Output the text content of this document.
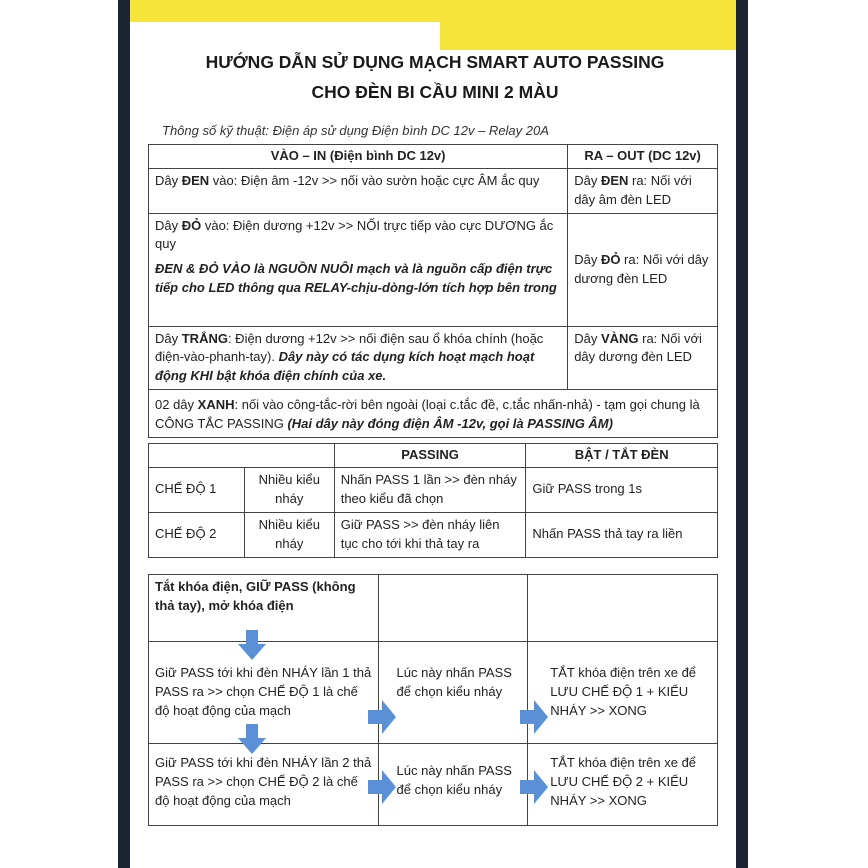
HƯỚNG DẪN SỬ DỤNG MẠCH SMART AUTO PASSING
CHO ĐÈN BI CẦU MINI 2 MÀU
Thông số kỹ thuật: Điện áp sử dụng Điện bình DC 12v – Relay 20A
VÀO – IN (Điện bình DC 12v)	RA – OUT (DC 12v)
Dây ĐEN vào: Điện âm -12v >> nối vào sườn hoặc cực ÂM ắc quy	Dây ĐEN ra: Nối với dây âm đèn LED

Dây ĐỎ vào: Điện dương +12v >> NỐI trực tiếp vào cực DƯƠNG ắc quy
ĐEN & ĐỎ VÀO là NGUỒN NUÔI mạch và là nguồn cấp điện trực tiếp cho LED thông qua RELAY-chịu-dòng-lớn tích hợp bên trong	Dây ĐỎ ra: Nối với dây dương đèn LED
Dây TRẮNG: Điện dương +12v >> nối điện sau ổ khóa chính (hoặc điện-vào-phanh-tay). Dây này có tác dụng kích hoạt mạch hoạt động KHI bật khóa điện chính của xe.	Dây VÀNG ra: Nối với dây dương đèn LED
02 dây XANH: nối vào công-tắc-rời bên ngoài (loại c.tắc đề, c.tắc nhấn-nhả) - tạm gọi chung là CÔNG TẮC PASSING (Hai dây này đóng điện ÂM -12v, gọi là PASSING ÂM)	
		PASSING	BẬT / TẮT ĐÈN
CHẾ ĐỘ 1	Nhiều kiểu nháy	Nhấn PASS 1 lần >> đèn nháy theo kiểu đã chọn	Giữ PASS trong 1s
CHẾ ĐỘ 2	Nhiều kiểu nháy	Giữ PASS >> đèn nháy liên tục cho tới khi thả tay ra	Nhấn PASS thả tay ra liền
Tắt khóa điện, GIỮ PASS (không thả tay), mở khóa điện		
Giữ PASS tới khi đèn NHÁY lần 1 thả PASS ra >> chọn CHẾ ĐỘ 1 là chế độ hoạt động của mạch	Lúc này nhấn PASS để chọn kiểu nháy	TẮT khóa điện trên xe để LƯU CHẾ ĐỘ 1 + KIỂU NHÁY >> XONG
Giữ PASS tới khi đèn NHÁY lần 2 thả PASS ra >> chọn CHẾ ĐỘ 2 là chế độ hoạt động của mạch	Lúc này nhấn PASS để chọn kiểu nháy	TẮT khóa điện trên xe để LƯU CHẾ ĐỘ 2 + KIỂU NHÁY >> XONG
